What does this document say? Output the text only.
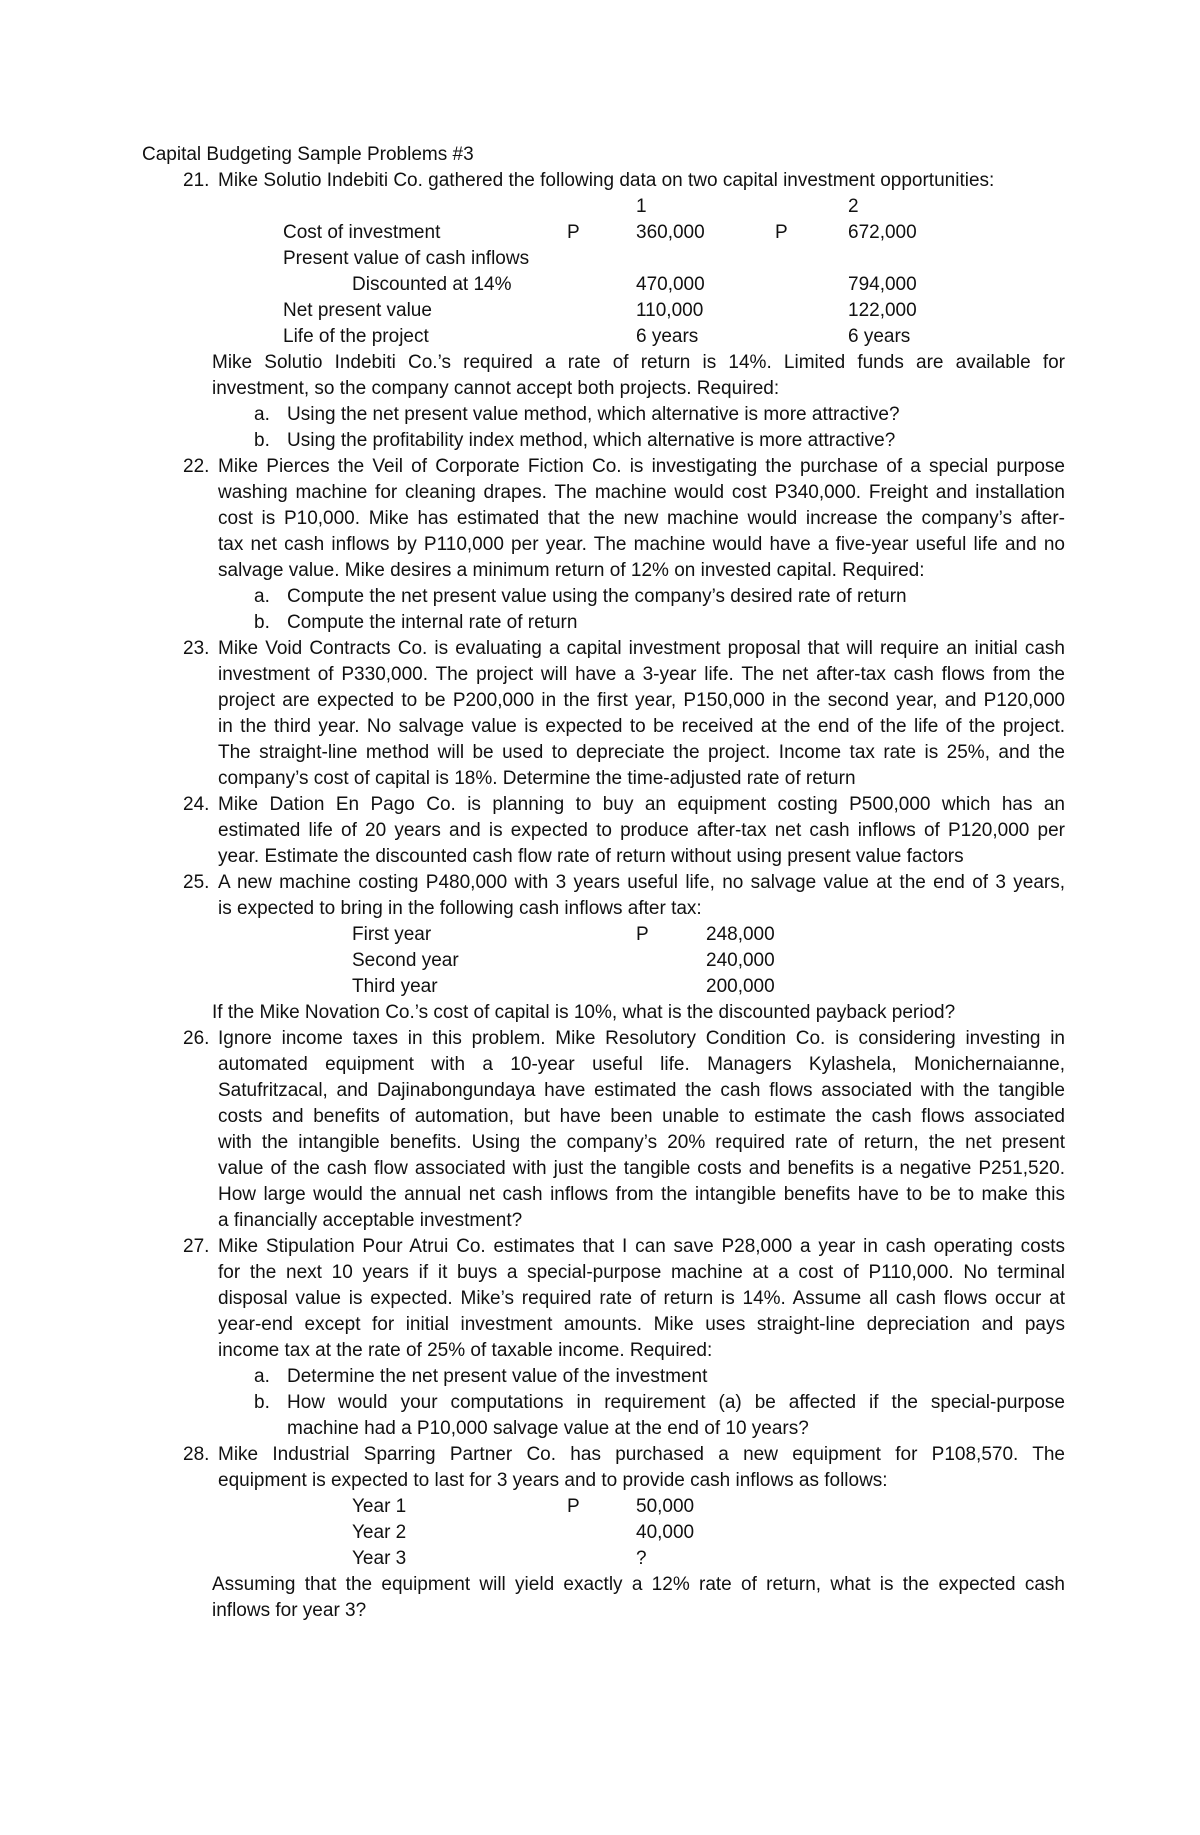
Capital Budgeting Sample Problems #3
21. Mike Solutio Indebiti Co. gathered the following data on two capital investment opportunities:
1	2
Cost of investment	P	360,000	P	672,000
Present value of cash inflows
Discounted at 14%	470,000	794,000
Net present value	110,000	122,000
Life of the project	6 years	6 years
Mike Solutio Indebiti Co.’s required a rate of return is 14%. Limited funds are available for
investment, so the company cannot accept both projects. Required:
a. Using the net present value method, which alternative is more attractive?
b. Using the profitability index method, which alternative is more attractive?
22. Mike Pierces the Veil of Corporate Fiction Co. is investigating the purchase of a special purpose
washing machine for cleaning drapes. The machine would cost P340,000. Freight and installation
cost is P10,000. Mike has estimated that the new machine would increase the company’s after-
tax net cash inflows by P110,000 per year. The machine would have a five-year useful life and no
salvage value. Mike desires a minimum return of 12% on invested capital. Required:
a. Compute the net present value using the company’s desired rate of return
b. Compute the internal rate of return
23. Mike Void Contracts Co. is evaluating a capital investment proposal that will require an initial cash
investment of P330,000. The project will have a 3-year life. The net after-tax cash flows from the
project are expected to be P200,000 in the first year, P150,000 in the second year, and P120,000
in the third year. No salvage value is expected to be received at the end of the life of the project.
The straight-line method will be used to depreciate the project. Income tax rate is 25%, and the
company’s cost of capital is 18%. Determine the time-adjusted rate of return
24. Mike Dation En Pago Co. is planning to buy an equipment costing P500,000 which has an
estimated life of 20 years and is expected to produce after-tax net cash inflows of P120,000 per
year. Estimate the discounted cash flow rate of return without using present value factors
25. A new machine costing P480,000 with 3 years useful life, no salvage value at the end of 3 years,
is expected to bring in the following cash inflows after tax:
First year	P	248,000
Second year	240,000
Third year	200,000
If the Mike Novation Co.’s cost of capital is 10%, what is the discounted payback period?
26. Ignore income taxes in this problem. Mike Resolutory Condition Co. is considering investing in
automated equipment with a 10-year useful life. Managers Kylashela, Monichernaianne,
Satufritzacal, and Dajinabongundaya have estimated the cash flows associated with the tangible
costs and benefits of automation, but have been unable to estimate the cash flows associated
with the intangible benefits. Using the company’s 20% required rate of return, the net present
value of the cash flow associated with just the tangible costs and benefits is a negative P251,520.
How large would the annual net cash inflows from the intangible benefits have to be to make this
a financially acceptable investment?
27. Mike Stipulation Pour Atrui Co. estimates that I can save P28,000 a year in cash operating costs
for the next 10 years if it buys a special-purpose machine at a cost of P110,000. No terminal
disposal value is expected. Mike’s required rate of return is 14%. Assume all cash flows occur at
year-end except for initial investment amounts. Mike uses straight-line depreciation and pays
income tax at the rate of 25% of taxable income. Required:
a. Determine the net present value of the investment
b. How would your computations in requirement (a) be affected if the special-purpose
machine had a P10,000 salvage value at the end of 10 years?
28. Mike Industrial Sparring Partner Co. has purchased a new equipment for P108,570. The
equipment is expected to last for 3 years and to provide cash inflows as follows:
Year 1	P	50,000
Year 2	40,000
Year 3	?
Assuming that the equipment will yield exactly a 12% rate of return, what is the expected cash
inflows for year 3?
